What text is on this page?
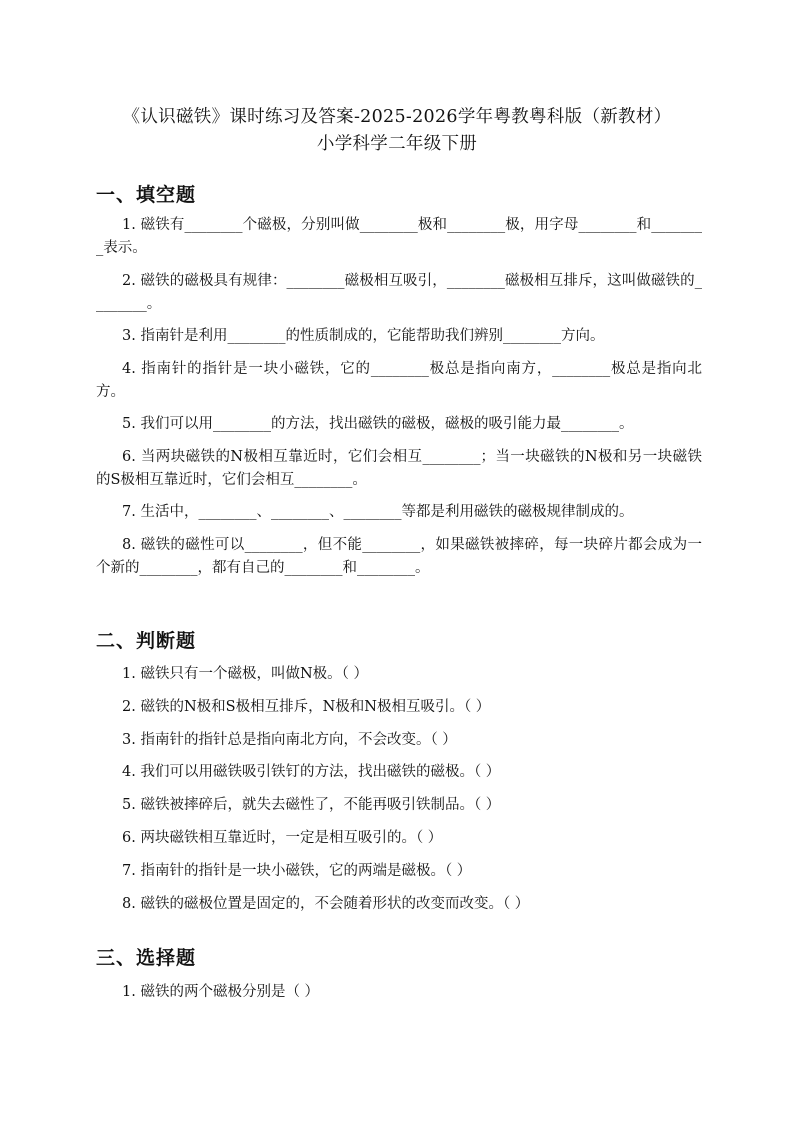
《认识磁铁》课时练习及答案-2025-2026学年粤教粤科版（新教材）
小学科学二年级下册
一、填空题
1. 磁铁有________个磁极，分别叫做________极和________极，用字母________和________表示。
2. 磁铁的磁极具有规律：________磁极相互吸引，________磁极相互排斥，这叫做磁铁的________。
3. 指南针是利用________的性质制成的，它能帮助我们辨别________方向。
4. 指南针的指针是一块小磁铁，它的________极总是指向南方，________极总是指向北方。
5. 我们可以用________的方法，找出磁铁的磁极，磁极的吸引能力最________。
6. 当两块磁铁的N极相互靠近时，它们会相互________；当一块磁铁的N极和另一块磁铁的S极相互靠近时，它们会相互________。
7. 生活中，________、________、________等都是利用磁铁的磁极规律制成的。
8. 磁铁的磁性可以________，但不能________，如果磁铁被摔碎，每一块碎片都会成为一个新的________，都有自己的________和________。
二、判断题
1. 磁铁只有一个磁极，叫做N极。（ ）
2. 磁铁的N极和S极相互排斥，N极和N极相互吸引。（ ）
3. 指南针的指针总是指向南北方向，不会改变。（ ）
4. 我们可以用磁铁吸引铁钉的方法，找出磁铁的磁极。（ ）
5. 磁铁被摔碎后，就失去磁性了，不能再吸引铁制品。（ ）
6. 两块磁铁相互靠近时，一定是相互吸引的。（ ）
7. 指南针的指针是一块小磁铁，它的两端是磁极。（ ）
8. 磁铁的磁极位置是固定的，不会随着形状的改变而改变。（ ）
三、选择题
1. 磁铁的两个磁极分别是（ ）
